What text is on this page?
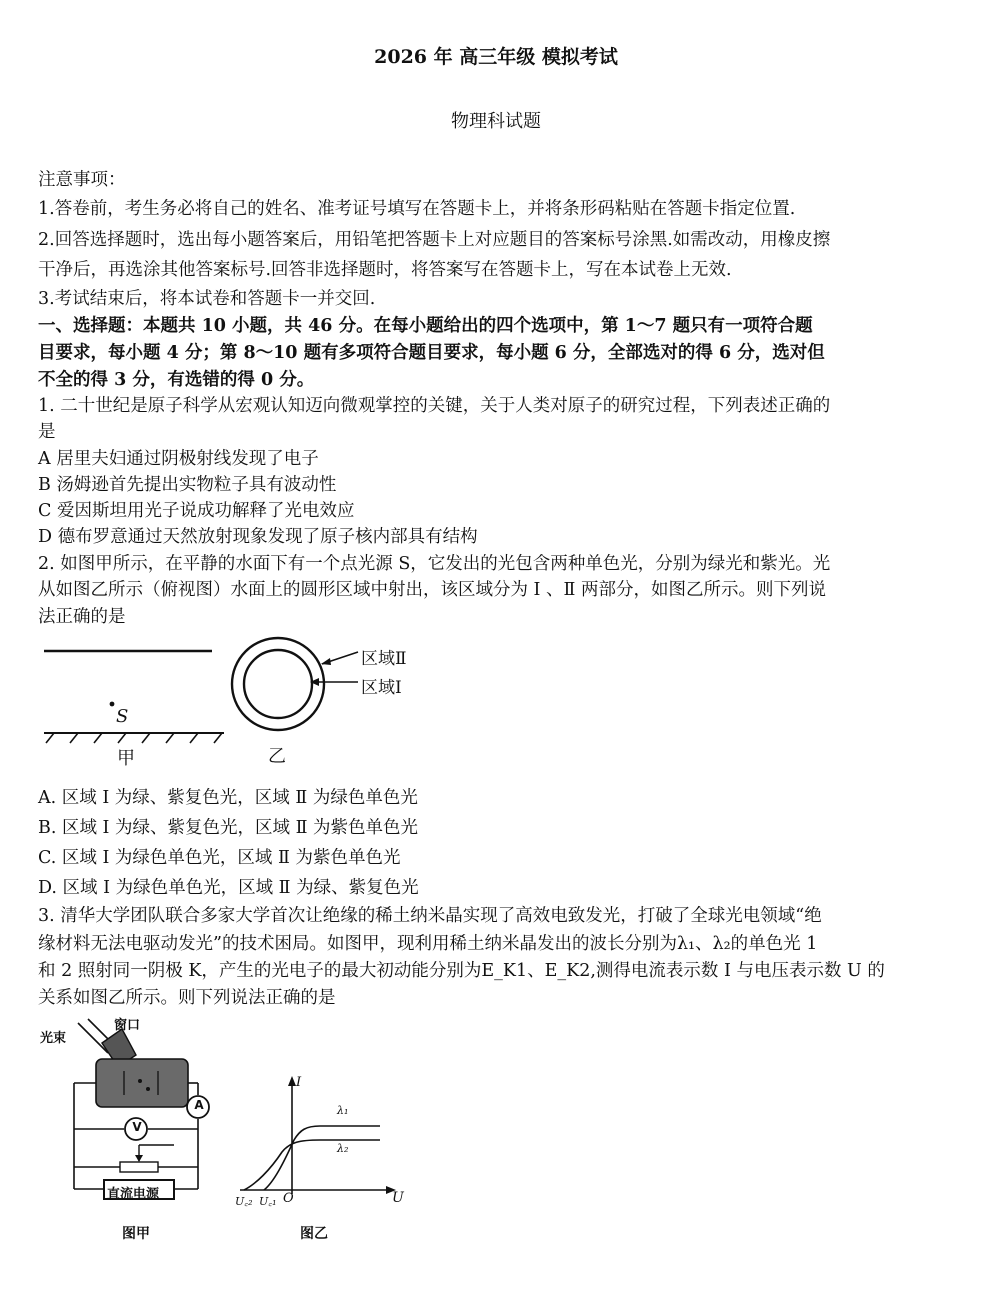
2026 年 高三年级 模拟考试
物理科试题
注意事项：
1.答卷前，考生务必将自己的姓名、准考证号填写在答题卡上，并将条形码粘贴在答题卡指定位置.
2.回答选择题时，选出每小题答案后，用铅笔把答题卡上对应题目的答案标号涂黑.如需改动，用橡皮擦
干净后，再选涂其他答案标号.回答非选择题时，将答案写在答题卡上，写在本试卷上无效.
3.考试结束后，将本试卷和答题卡一并交回.
一、选择题：本题共 10 小题，共 46 分。在每小题给出的四个选项中，第 1～7 题只有一项符合题
目要求，每小题 4 分；第 8～10 题有多项符合题目要求，每小题 6 分，全部选对的得 6 分，选对但
不全的得 3 分，有选错的得 0 分。
1. 二十世纪是原子科学从宏观认知迈向微观掌控的关键，关于人类对原子的研究过程，下列表述正确的
是
A 居里夫妇通过阴极射线发现了电子
B 汤姆逊首先提出实物粒子具有波动性
C 爱因斯坦用光子说成功解释了光电效应
D 德布罗意通过天然放射现象发现了原子核内部具有结构
2. 如图甲所示，在平静的水面下有一个点光源 S，它发出的光包含两种单色光，分别为绿光和紫光。光
从如图乙所示（俯视图）水面上的圆形区域中射出，该区域分为 Ⅰ 、Ⅱ 两部分，如图乙所示。则下列说
法正确的是
S
甲
区域Ⅱ
区域Ⅰ
乙
A. 区域 Ⅰ 为绿、紫复色光，区域 Ⅱ 为绿色单色光
B. 区域 Ⅰ 为绿、紫复色光，区域 Ⅱ 为紫色单色光
C. 区域 Ⅰ 为绿色单色光，区域 Ⅱ 为紫色单色光
D. 区域 Ⅰ 为绿色单色光，区域 Ⅱ 为绿、紫复色光
3. 清华大学团队联合多家大学首次让绝缘的稀土纳米晶实现了高效电致发光，打破了全球光电领域“绝
缘材料无法电驱动发光”的技术困局。如图甲，现利用稀土纳米晶发出的波长分别为λ₁、λ₂的单色光 1
和 2 照射同一阴极 K，产生的光电子的最大初动能分别为E_K1、E_K2,测得电流表示数 I 与电压表示数 U 的
关系如图乙所示。则下列说法正确的是
光束
窗口
V
A
直流电源
图甲
I
U
O
λ₁
λ₂
U꜀₂ U꜀₁
图乙
